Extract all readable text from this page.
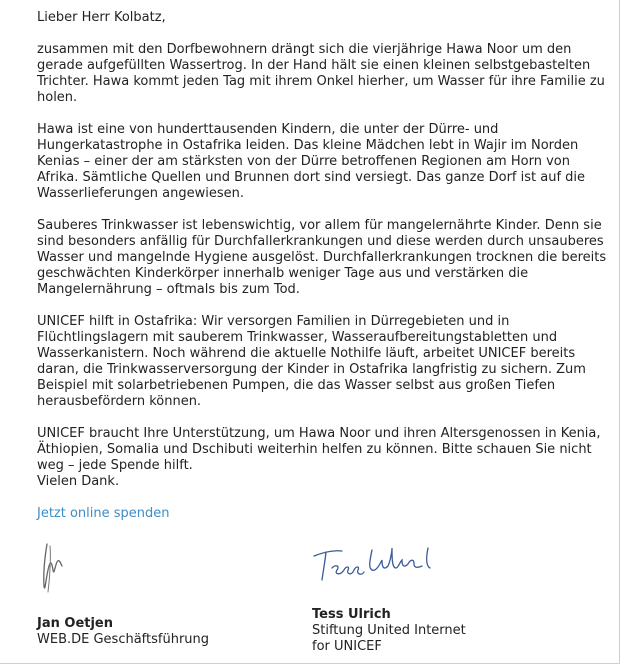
Lieber Herr Kolbatz,

zusammen mit den Dorfbewohnern drängt sich die vierjährige Hawa Noor um den
gerade aufgefüllten Wassertrog. In der Hand hält sie einen kleinen selbstgebastelten
Trichter. Hawa kommt jeden Tag mit ihrem Onkel hierher, um Wasser für ihre Familie zu
holen.

Hawa ist eine von hunderttausenden Kindern, die unter der Dürre- und
Hungerkatastrophe in Ostafrika leiden. Das kleine Mädchen lebt in Wajir im Norden
Kenias – einer der am stärksten von der Dürre betroffenen Regionen am Horn von
Afrika. Sämtliche Quellen und Brunnen dort sind versiegt. Das ganze Dorf ist auf die
Wasserlieferungen angewiesen.

Sauberes Trinkwasser ist lebenswichtig, vor allem für mangelernährte Kinder. Denn sie
sind besonders anfällig für Durchfallerkrankungen und diese werden durch unsauberes
Wasser und mangelnde Hygiene ausgelöst. Durchfallerkrankungen trocknen die bereits
geschwächten Kinderkörper innerhalb weniger Tage aus und verstärken die
Mangelernährung – oftmals bis zum Tod.

UNICEF hilft in Ostafrika: Wir versorgen Familien in Dürregebieten und in
Flüchtlingslagern mit sauberem Trinkwasser, Wasseraufbereitungstabletten und
Wasserkanistern. Noch während die aktuelle Nothilfe läuft, arbeitet UNICEF bereits
daran, die Trinkwasserversorgung der Kinder in Ostafrika langfristig zu sichern. Zum
Beispiel mit solarbetriebenen Pumpen, die das Wasser selbst aus großen Tiefen
herausbefördern können.

UNICEF braucht Ihre Unterstützung, um Hawa Noor und ihren Altersgenossen in Kenia,
Äthiopien, Somalia und Dschibuti weiterhin helfen zu können. Bitte schauen Sie nicht
weg – jede Spende hilft.

Vielen Dank.

Jetzt online spenden
Jan Oetjen
WEB.DE Geschäftsführung
Tess Ulrich
Stiftung United Internet
for UNICEF
